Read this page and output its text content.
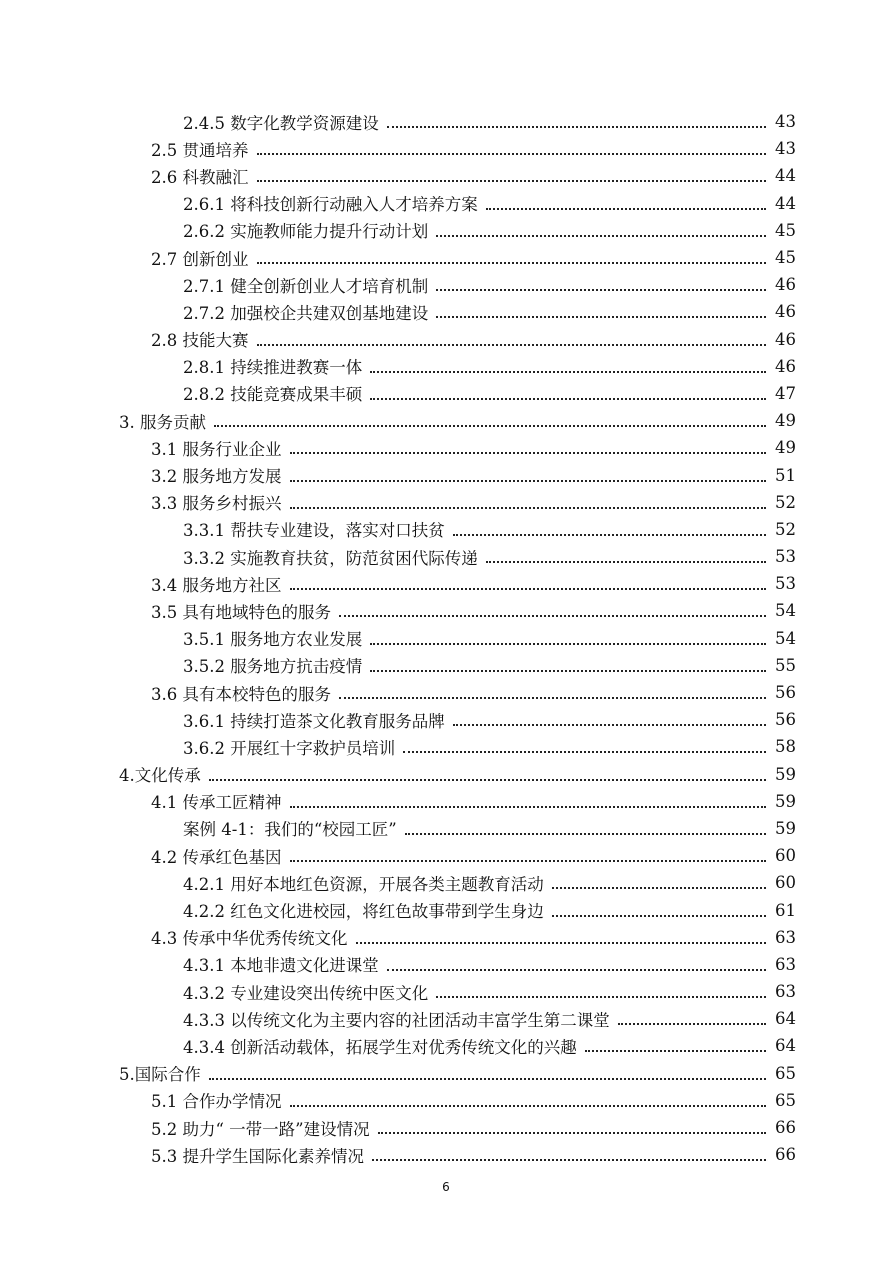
2.4.5 数字化教学资源建设	43
2.5 贯通培养	43
2.6 科教融汇	44
2.6.1 将科技创新行动融入人才培养方案	44
2.6.2 实施教师能力提升行动计划	45
2.7 创新创业	45
2.7.1 健全创新创业人才培育机制	46
2.7.2 加强校企共建双创基地建设	46
2.8 技能大赛	46
2.8.1 持续推进教赛一体	46
2.8.2 技能竞赛成果丰硕	47
3. 服务贡献	49
3.1 服务行业企业	49
3.2 服务地方发展	51
3.3 服务乡村振兴	52
3.3.1 帮扶专业建设，落实对口扶贫	52
3.3.2 实施教育扶贫，防范贫困代际传递	53
3.4 服务地方社区	53
3.5 具有地域特色的服务	54
3.5.1 服务地方农业发展	54
3.5.2 服务地方抗击疫情	55
3.6 具有本校特色的服务	56
3.6.1 持续打造茶文化教育服务品牌	56
3.6.2 开展红十字救护员培训	58
4.文化传承	59
4.1 传承工匠精神	59
案例 4-1：我们的“校园工匠”	59
4.2 传承红色基因	60
4.2.1 用好本地红色资源，开展各类主题教育活动	60
4.2.2 红色文化进校园，将红色故事带到学生身边	61
4.3 传承中华优秀传统文化	63
4.3.1 本地非遗文化进课堂	63
4.3.2 专业建设突出传统中医文化	63
4.3.3 以传统文化为主要内容的社团活动丰富学生第二课堂	64
4.3.4 创新活动载体，拓展学生对优秀传统文化的兴趣	64
5.国际合作	65
5.1 合作办学情况	65
5.2 助力“ 一带一路”建设情况	66
5.3 提升学生国际化素养情况	66
6
